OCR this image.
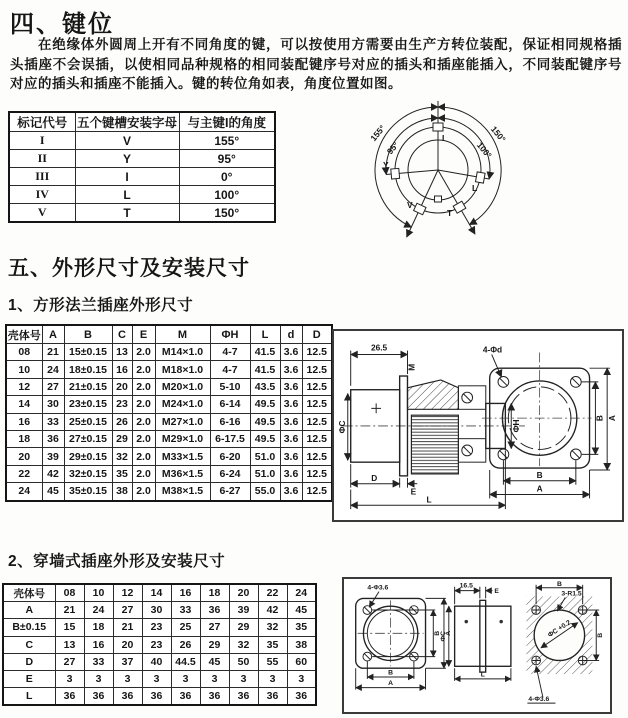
四、键位

在绝缘体外圆周上开有不同角度的键，可以按使用方需要由生产方转位装配，保证相同规格插头插座不会误插，以使相同品种规格的相同装配键序号对应的插头和插座能插入，不同装配键序号对应的插头和插座不能插入。键的转位角如表，角度位置如图。

标记代号	五个键槽安装字母	与主键I的角度
I	V	155°
II	Y	95°
III	I	0°
IV	L	100°
V	T	150°
155°
95°
150°
100°
I
Y
V
L
T
五、外形尺寸及安装尺寸
1、方形法兰插座外形尺寸
壳体号	A	B	C	E	M	ΦH	L	d	D
08	21	15±0.15	13	2.0	M14×1.0	4-7	41.5	3.6	12.5
10	24	18±0.15	16	2.0	M18×1.0	4-7	41.5	3.6	12.5
12	27	21±0.15	20	2.0	M20×1.0	5-10	43.5	3.6	12.5
14	30	23±0.15	23	2.0	M24×1.0	6-14	49.5	3.6	12.5
16	33	25±0.15	26	2.0	M27×1.0	6-16	49.5	3.6	12.5
18	36	27±0.15	29	2.0	M29×1.0	6-17.5	49.5	3.6	12.5
20	39	29±0.15	32	2.0	M33×1.5	6-20	51.0	3.6	12.5
22	42	32±0.15	35	2.0	M36×1.5	6-24	51.0	3.6	12.5
24	45	35±0.15	38	2.0	M38×1.5	6-27	55.0	3.6	12.5
ΦC
26.5
M
ΦH
D
E
L
4-Φd
B
A
B A
2、穿墙式插座外形及安装尺寸
壳体号	08	10	12	14	16	18	20	22	24
A	21	24	27	30	33	36	39	42	45
B±0.15	15	18	21	23	25	27	29	32	35
C	13	16	20	23	26	29	32	35	38
D	27	33	37	40	44.5	45	50	55	60
E	3	3	3	3	3	3	3	3	3
L	36	36	36	36	36	36	36	36	36
4-Φ3.6
B A
B
A
ΦC
16.5
E
L
B
3-R1.5
ΦC +0.2
4-Φ3.6
B
